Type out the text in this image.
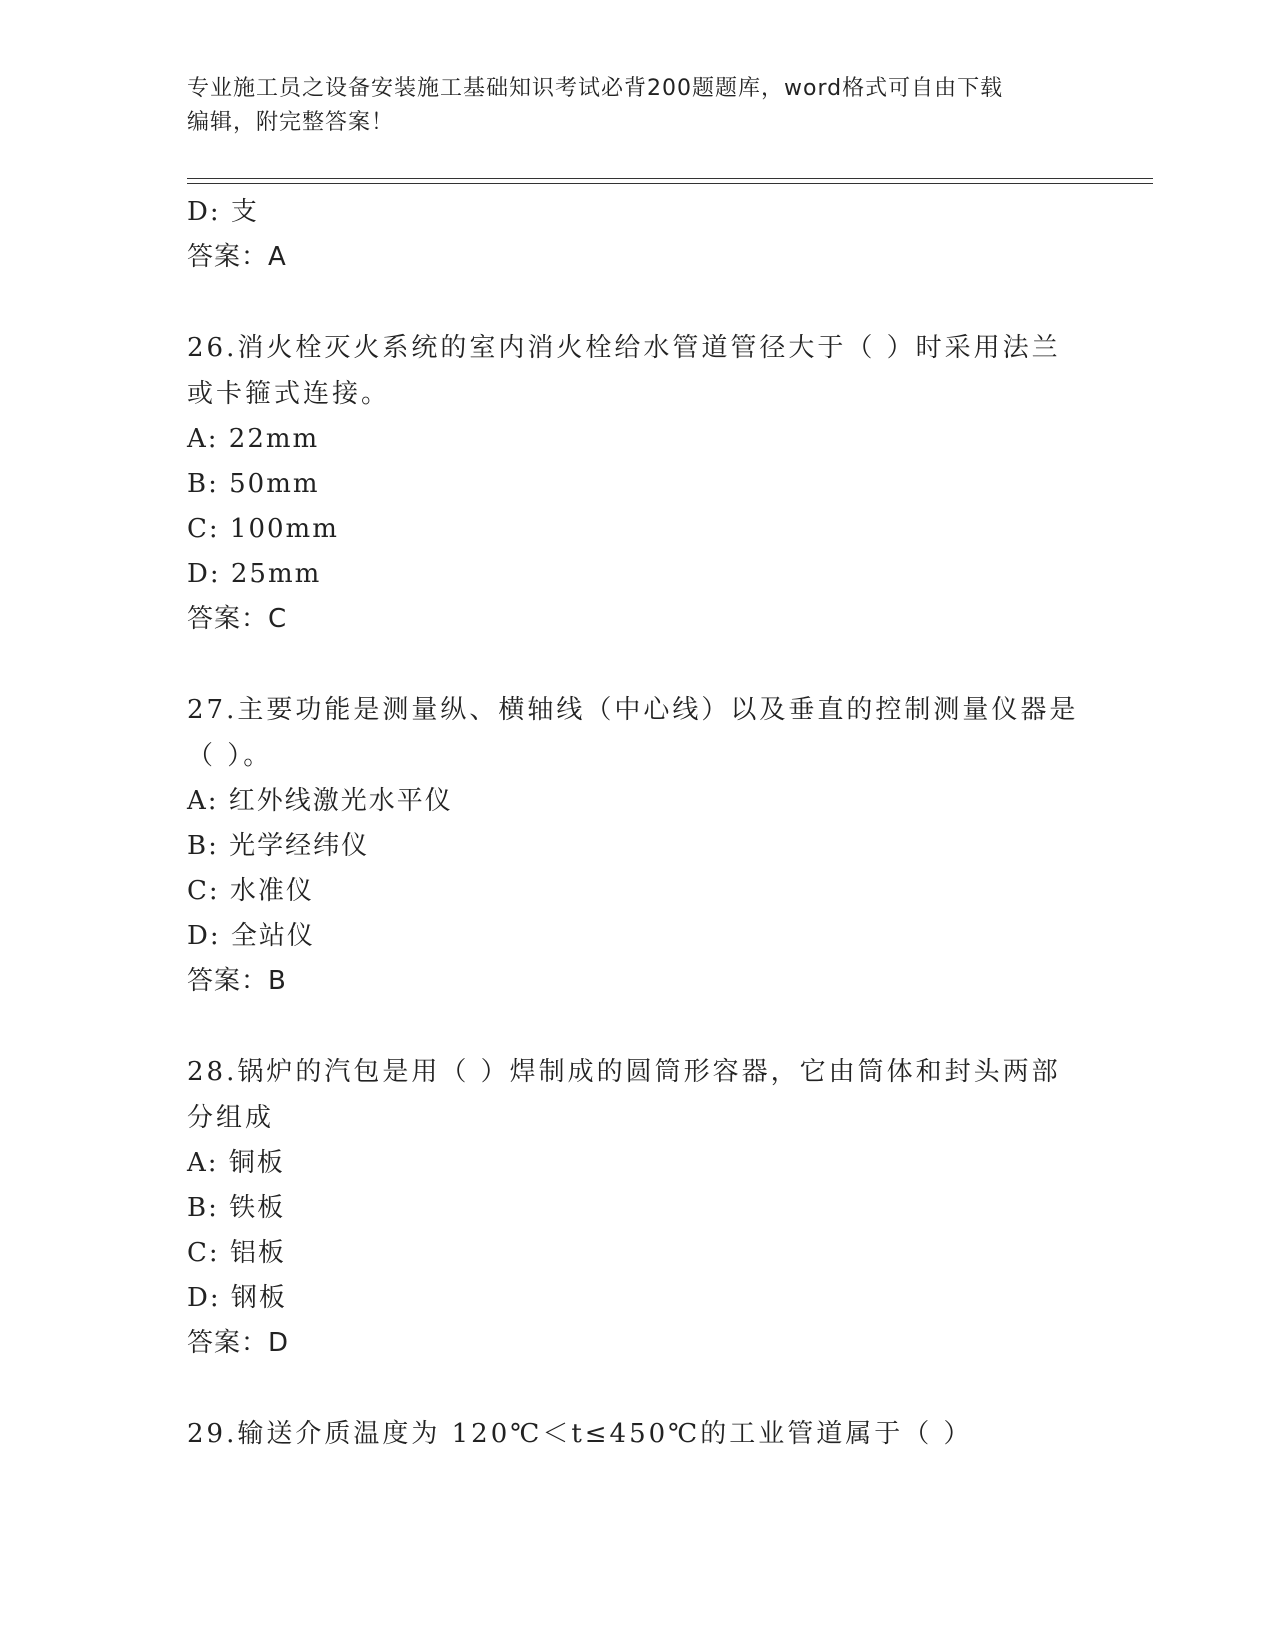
专业施工员之设备安装施工基础知识考试必背200题题库，word格式可自由下载
编辑，附完整答案！
D: 支
答案：A
26.消火栓灭火系统的室内消火栓给水管道管径大于（ ）时采用法兰
或卡箍式连接。
A: 22mm
B: 50mm
C: 100mm
D: 25mm
答案：C
27.主要功能是测量纵、横轴线（中心线）以及垂直的控制测量仪器是
（ ）。
A: 红外线激光水平仪
B: 光学经纬仪
C: 水准仪
D: 全站仪
答案：B
28.锅炉的汽包是用（ ）焊制成的圆筒形容器，它由筒体和封头两部
分组成
A: 铜板
B: 铁板
C: 铝板
D: 钢板
答案：D
29.输送介质温度为 120℃＜t≤450℃的工业管道属于（ ）
